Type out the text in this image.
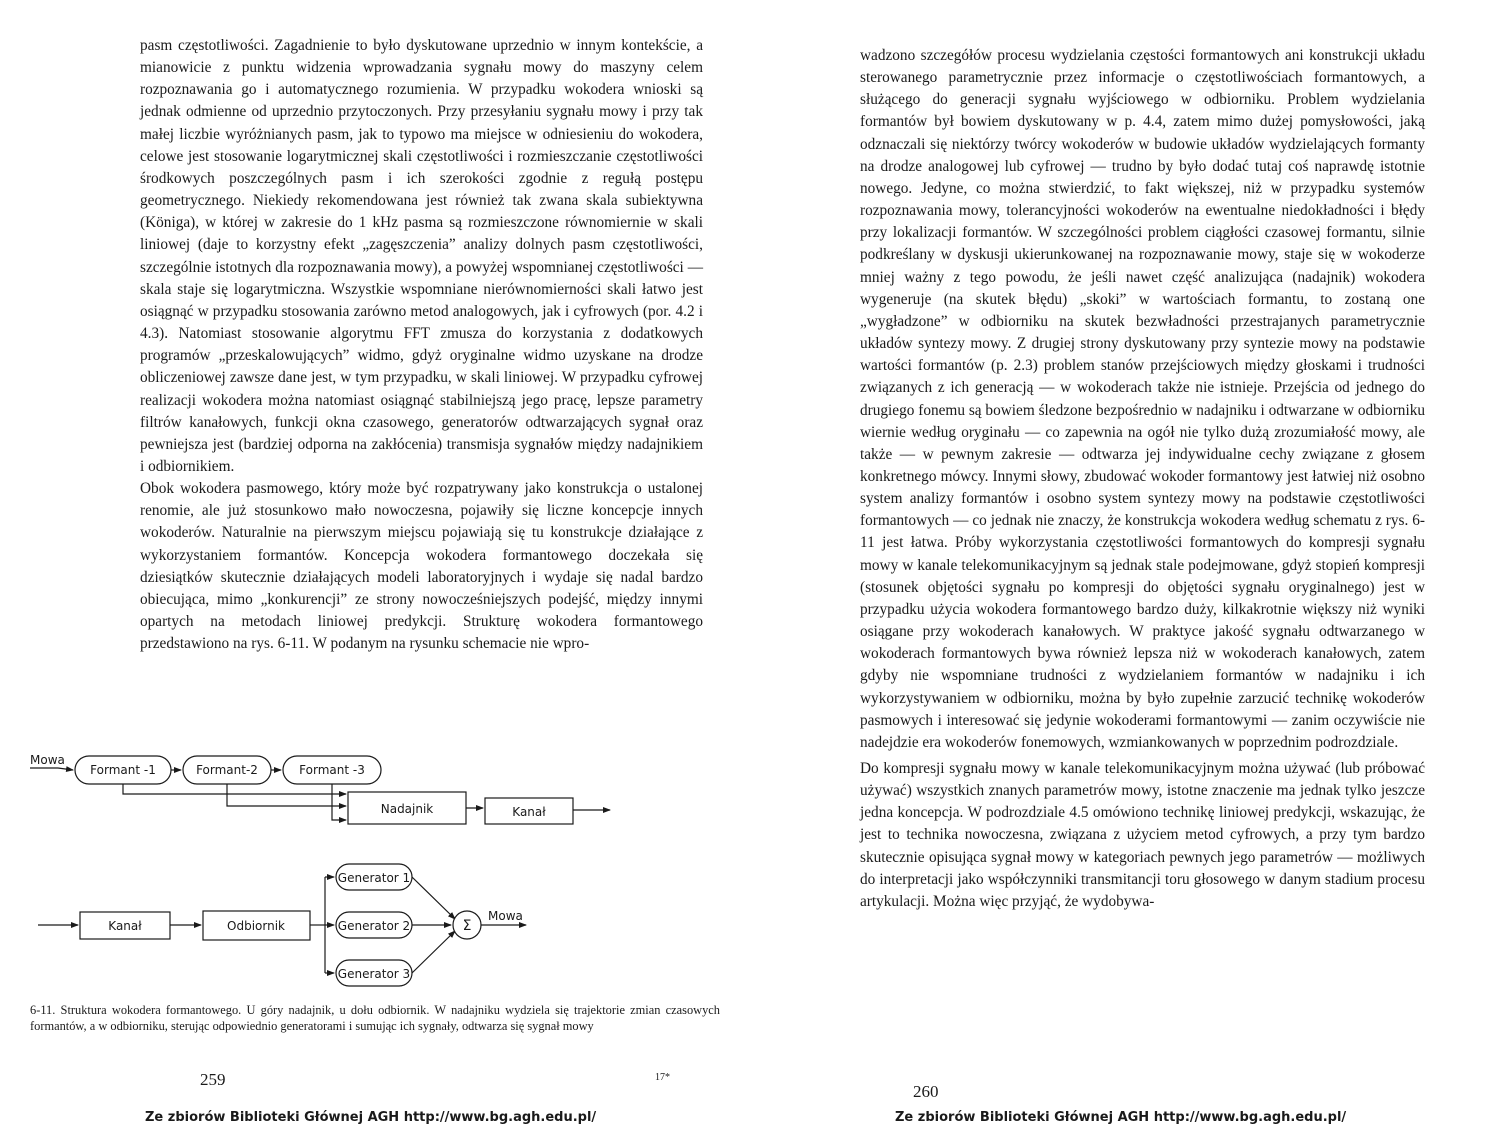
pasm częstotliwości. Zagadnienie to było dyskutowane uprzednio w innym kontekście, a mianowicie z punktu widzenia wprowadzania sygnału mowy do maszyny celem rozpoznawania go i automatycznego rozumienia. W przypadku wokodera wnioski są jednak odmienne od uprzednio przytoczonych. Przy przesyłaniu sygnału mowy i przy tak małej liczbie wyróżnianych pasm, jak to typowo ma miejsce w odniesieniu do wokodera, celowe jest stosowanie logarytmicznej skali częstotliwości i rozmieszczanie częstotliwości środkowych poszczególnych pasm i ich szerokości zgodnie z regułą postępu geometrycznego. Niekiedy rekomendowana jest również tak zwana skala subiektywna (Königa), w której w zakresie do 1 kHz pasma są rozmieszczone równomiernie w skali liniowej (daje to korzystny efekt „zagęszczenia” analizy dolnych pasm częstotliwości, szczególnie istotnych dla rozpoznawania mowy), a powyżej wspomnianej częstotliwości — skala staje się logarytmiczna. Wszystkie wspomniane nierównomierności skali łatwo jest osiągnąć w przypadku stosowania zarówno metod analogowych, jak i cyfrowych (por. 4.2 i 4.3). Natomiast stosowanie algorytmu FFT zmusza do korzystania z dodatkowych programów „przeskalowujących” widmo, gdyż oryginalne widmo uzyskane na drodze obliczeniowej zawsze dane jest, w tym przypadku, w skali liniowej. W przypadku cyfrowej realizacji wokodera można natomiast osiągnąć stabilniejszą jego pracę, lepsze parametry filtrów kanałowych, funkcji okna czasowego, generatorów odtwarzających sygnał oraz pewniejsza jest (bardziej odporna na zakłócenia) transmisja sygnałów między nadajnikiem i odbiornikiem.

Obok wokodera pasmowego, który może być rozpatrywany jako konstrukcja o ustalonej renomie, ale już stosunkowo mało nowoczesna, pojawiły się liczne koncepcje innych wokoderów. Naturalnie na pierwszym miejscu pojawiają się tu konstrukcje działające z wykorzystaniem formantów. Koncepcja wokodera formantowego doczekała się dziesiątków skutecznie działających modeli laboratoryjnych i wydaje się nadal bardzo obiecująca, mimo „konkurencji” ze strony nowocześniejszych podejść, między innymi opartych na metodach liniowej predykcji. Strukturę wokodera formantowego przedstawiono na rys. 6-11. W podanym na rysunku schemacie nie wpro-

Mowa
Formant -1	Formant-2	Formant -3
Nadajnik	Kanał
Kanał	Odbiornik
Generator 1
Generator 2
Generator 3
Σ
Mowa
6-11. Struktura wokodera formantowego. U góry nadajnik, u dołu odbiornik. W nadajniku wydziela się trajektorie zmian czasowych formantów, a w odbiorniku, sterując odpowiednio generatorami i sumując ich sygnały, odtwarza się sygnał mowy
259	17*
Ze zbiorów Biblioteki Głównej AGH http://www.bg.agh.edu.pl/

wadzono szczegółów procesu wydzielania częstości formantowych ani konstrukcji układu sterowanego parametrycznie przez informacje o częstotliwościach formantowych, a służącego do generacji sygnału wyjściowego w odbiorniku. Problem wydzielania formantów był bowiem dyskutowany w p. 4.4, zatem mimo dużej pomysłowości, jaką odznaczali się niektórzy twórcy wokoderów w budowie układów wydzielających formanty na drodze analogowej lub cyfrowej — trudno by było dodać tutaj coś naprawdę istotnie nowego. Jedyne, co można stwierdzić, to fakt większej, niż w przypadku systemów rozpoznawania mowy, tolerancyjności wokoderów na ewentualne niedokładności i błędy przy lokalizacji formantów. W szczególności problem ciągłości czasowej formantu, silnie podkreślany w dyskusji ukierunkowanej na rozpoznawanie mowy, staje się w wokoderze mniej ważny z tego powodu, że jeśli nawet część analizująca (nadajnik) wokodera wygeneruje (na skutek błędu) „skoki” w wartościach formantu, to zostaną one „wygładzone” w odbiorniku na skutek bezwładności przestrajanych parametrycznie układów syntezy mowy. Z drugiej strony dyskutowany przy syntezie mowy na podstawie wartości formantów (p. 2.3) problem stanów przejściowych między głoskami i trudności związanych z ich generacją — w wokoderach także nie istnieje. Przejścia od jednego do drugiego fonemu są bowiem śledzone bezpośrednio w nadajniku i odtwarzane w odbiorniku wiernie według oryginału — co zapewnia na ogół nie tylko dużą zrozumiałość mowy, ale także — w pewnym zakresie — odtwarza jej indywidualne cechy związane z głosem konkretnego mówcy. Innymi słowy, zbudować wokoder formantowy jest łatwiej niż osobno system analizy formantów i osobno system syntezy mowy na podstawie częstotliwości formantowych — co jednak nie znaczy, że konstrukcja wokodera według schematu z rys. 6-11 jest łatwa. Próby wykorzystania częstotliwości formantowych do kompresji sygnału mowy w kanale telekomunikacyjnym są jednak stale podejmowane, gdyż stopień kompresji (stosunek objętości sygnału po kompresji do objętości sygnału oryginalnego) jest w przypadku użycia wokodera formantowego bardzo duży, kilkakrotnie większy niż wyniki osiągane przy wokoderach kanałowych. W praktyce jakość sygnału odtwarzanego w wokoderach formantowych bywa również lepsza niż w wokoderach kanałowych, zatem gdyby nie wspomniane trudności z wydzielaniem formantów w nadajniku i ich wykorzystywaniem w odbiorniku, można by było zupełnie zarzucić technikę wokoderów pasmowych i interesować się jedynie wokoderami formantowymi — zanim oczywiście nie nadejdzie era wokoderów fonemowych, wzmiankowanych w poprzednim podrozdziale.

Do kompresji sygnału mowy w kanale telekomunikacyjnym można używać (lub próbować używać) wszystkich znanych parametrów mowy, istotne znaczenie ma jednak tylko jeszcze jedna koncepcja. W podrozdziale 4.5 omówiono technikę liniowej predykcji, wskazując, że jest to technika nowoczesna, związana z użyciem metod cyfrowych, a przy tym bardzo skutecznie opisująca sygnał mowy w kategoriach pewnych jego parametrów — możliwych do interpretacji jako współczynniki transmitancji toru głosowego w danym stadium procesu artykulacji. Można więc przyjąć, że wydobywa-

260
Ze zbiorów Biblioteki Głównej AGH http://www.bg.agh.edu.pl/
